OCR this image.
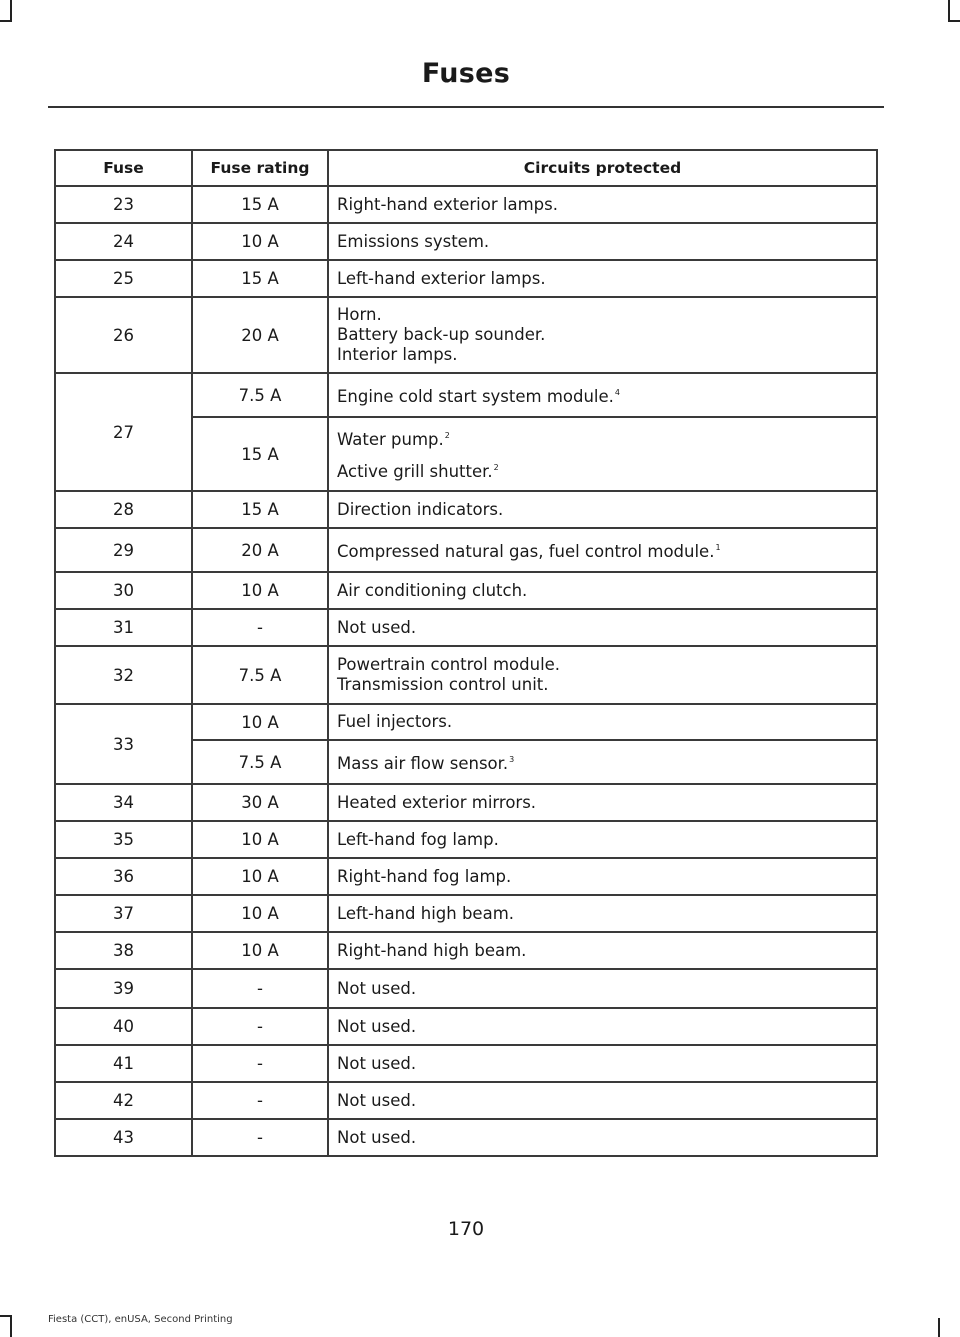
Fuses
Fuse	Fuse rating	Circuits protected
23	15 A	Right-hand exterior lamps.
24	10 A	Emissions system.
25	15 A	Left-hand exterior lamps.
26	20 A	Horn.
Battery back-up sounder.
Interior lamps.

27	7.5 A	Engine cold start system module.$^4$
	15 A	Water pump.$^2$
Active grill shutter.$^2$

28	15 A	Direction indicators.
29	20 A	Compressed natural gas, fuel control module.$^1$
30	10 A	Air conditioning clutch.
31	-	Not used.
32	7.5 A	Powertrain control module.
Transmission control unit.

33	10 A	Fuel injectors.
	7.5 A	Mass air flow sensor.$^3$
34	30 A	Heated exterior mirrors.
35	10 A	Left-hand fog lamp.
36	10 A	Right-hand fog lamp.
37	10 A	Left-hand high beam.
38	10 A	Right-hand high beam.
39	-	Not used.
40	-	Not used.
41	-	Not used.
42	-	Not used.
43	-	Not used.
170
Fiesta (CCT), enUSA, Second Printing
